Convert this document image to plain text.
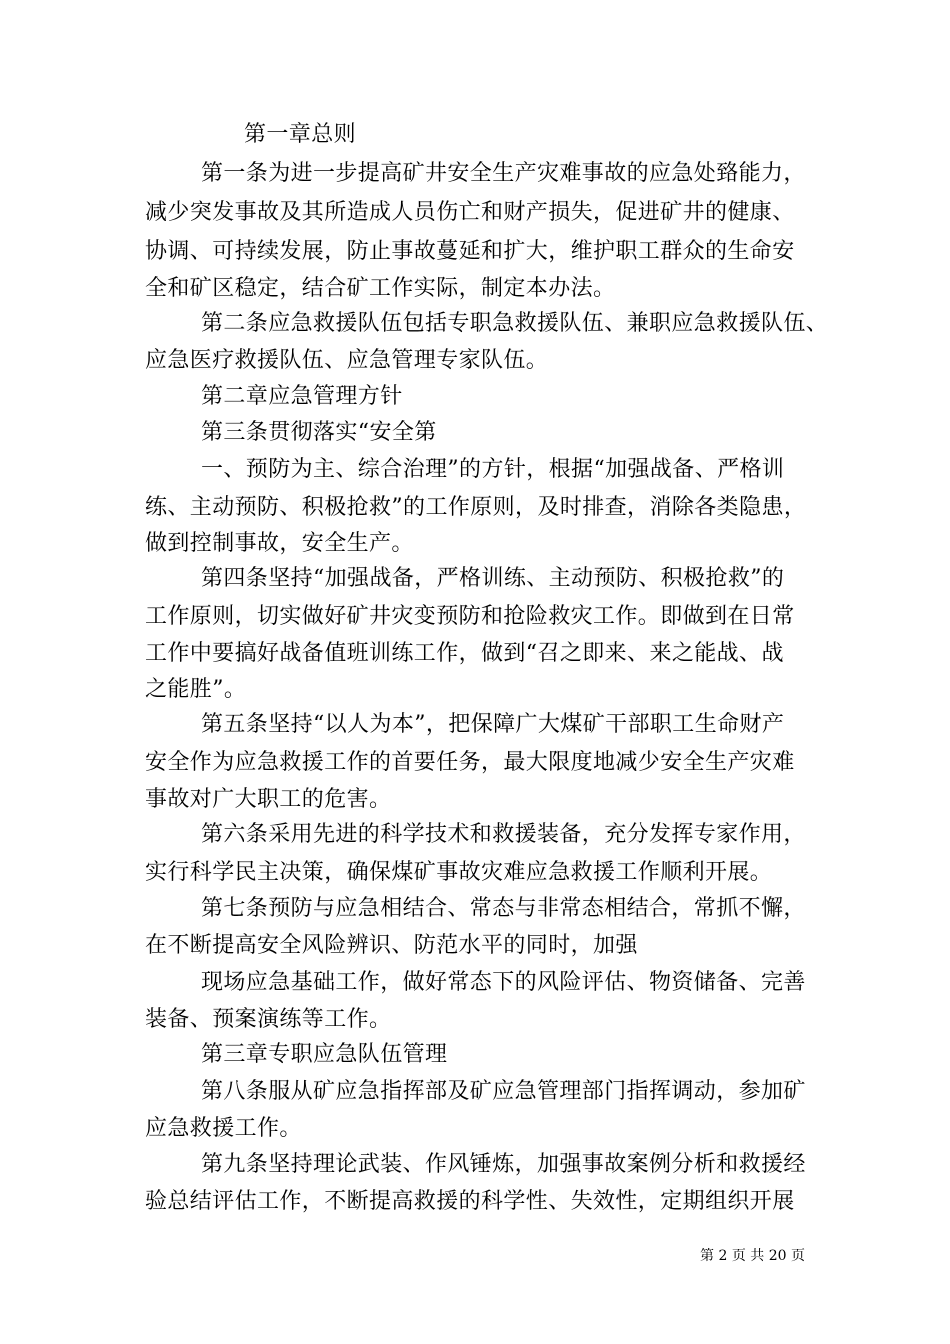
第一章总则
第一条为进一步提高矿井安全生产灾难事故的应急处臵能力，
减少突发事故及其所造成人员伤亡和财产损失，促进矿井的健康、
协调、可持续发展，防止事故蔓延和扩大，维护职工群众的生命安
全和矿区稳定，结合矿工作实际，制定本办法。
第二条应急救援队伍包括专职急救援队伍、兼职应急救援队伍、
应急医疗救援队伍、应急管理专家队伍。
第二章应急管理方针
第三条贯彻落实“安全第
一、预防为主、综合治理”的方针，根据“加强战备、严格训
练、主动预防、积极抢救”的工作原则，及时排查，消除各类隐患，
做到控制事故，安全生产。
第四条坚持“加强战备，严格训练、主动预防、积极抢救”的
工作原则，切实做好矿井灾变预防和抢险救灾工作。即做到在日常
工作中要搞好战备值班训练工作，做到“召之即来、来之能战、战
之能胜”。
第五条坚持“以人为本”，把保障广大煤矿干部职工生命财产
安全作为应急救援工作的首要任务，最大限度地减少安全生产灾难
事故对广大职工的危害。
第六条采用先进的科学技术和救援装备，充分发挥专家作用，
实行科学民主决策，确保煤矿事故灾难应急救援工作顺利开展。
第七条预防与应急相结合、常态与非常态相结合，常抓不懈，
在不断提高安全风险辨识、防范水平的同时，加强
现场应急基础工作，做好常态下的风险评估、物资储备、完善
装备、预案演练等工作。
第三章专职应急队伍管理
第八条服从矿应急指挥部及矿应急管理部门指挥调动，参加矿
应急救援工作。
第九条坚持理论武装、作风锤炼，加强事故案例分析和救援经
验总结评估工作，不断提高救援的科学性、失效性，定期组织开展
第 2 页 共 20 页
